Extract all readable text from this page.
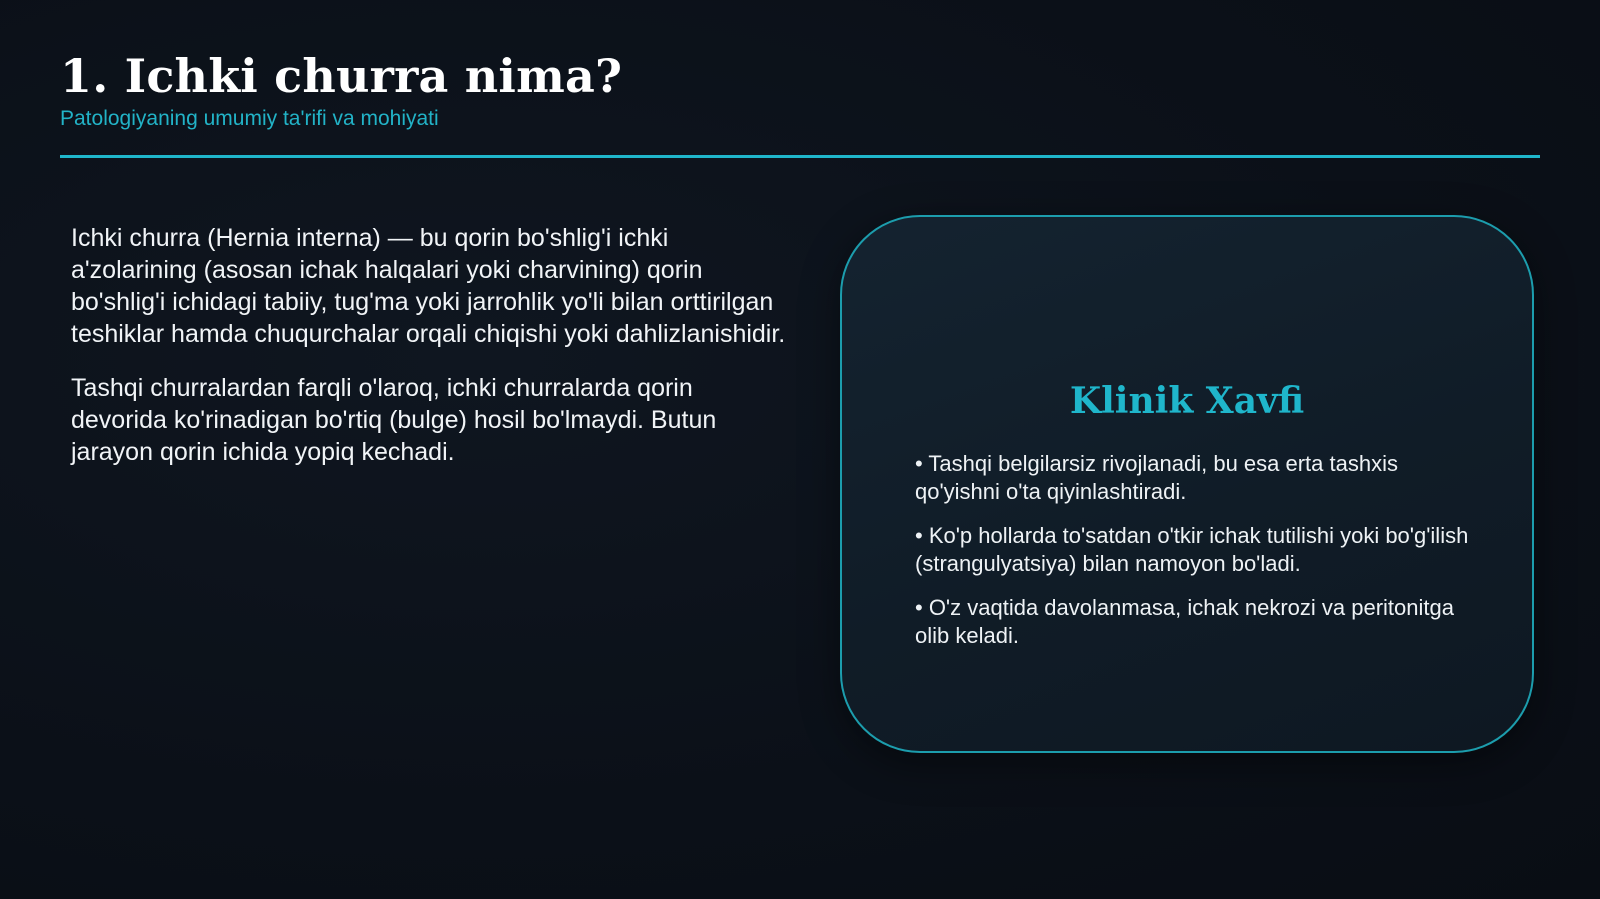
1. Ichki churra nima?
Patologiyaning umumiy ta'rifi va mohiyati

Ichki churra (Hernia interna) — bu qorin bo'shlig'i ichki a'zolarining (asosan ichak halqalari yoki charvining) qorin bo'shlig'i ichidagi tabiiy, tug'ma yoki jarrohlik yo'li bilan orttirilgan teshiklar hamda chuqurchalar orqali chiqishi yoki dahlizlanishidir.

Tashqi churralardan farqli o'laroq, ichki churralarda qorin devorida ko'rinadigan bo'rtiq (bulge) hosil bo'lmaydi. Butun jarayon qorin ichida yopiq kechadi.

Klinik Xavfi
• Tashqi belgilarsiz rivojlanadi, bu esa erta tashxis qo'yishni o'ta qiyinlashtiradi.
• Ko'p hollarda to'satdan o'tkir ichak tutilishi yoki bo'g'ilish (strangulyatsiya) bilan namoyon bo'ladi.
• O'z vaqtida davolanmasa, ichak nekrozi va peritonitga olib keladi.
